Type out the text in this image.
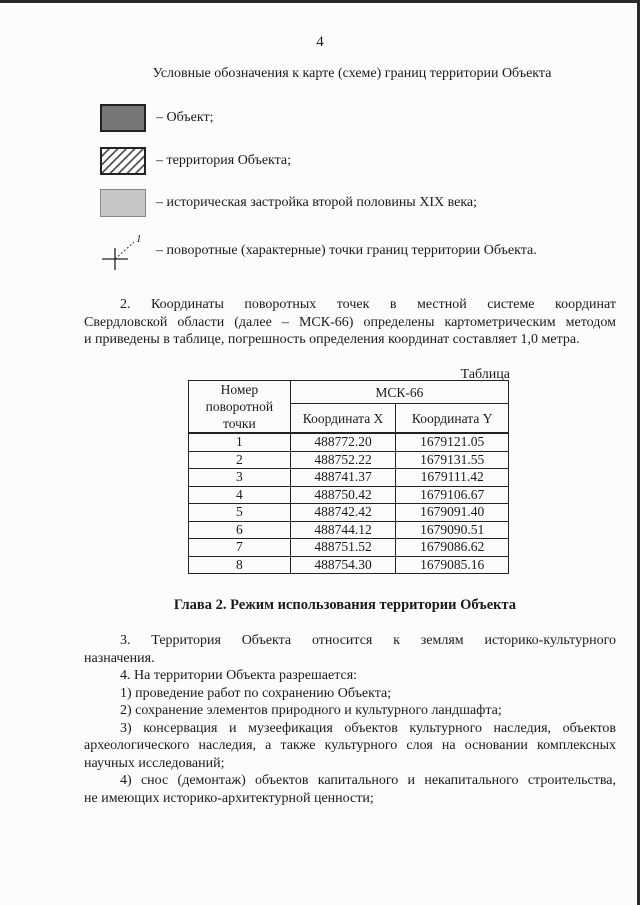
4
Условные обозначения к карте (схеме) границ территории Объекта
– Объект;
– территория Объекта;
– историческая застройка второй половины XIX века;
1
– поворотные (характерные) точки границ территории Объекта.
2. Координаты поворотных точек в местной системе координат
Свердловской области (далее – МСК-66) определены картометрическим методом
и приведены в таблице, погрешность определения координат составляет 1,0 метра.
Таблица
Номер
поворотной
точки	МСК-66	
	Координата X	Координата Y
1	488772.20	1679121.05
2	488752.22	1679131.55
3	488741.37	1679111.42
4	488750.42	1679106.67
5	488742.42	1679091.40
6	488744.12	1679090.51
7	488751.52	1679086.62
8	488754.30	1679085.16
Глава 2. Режим использования территории Объекта
3. Территория Объекта относится к землям историко-культурного
назначения.
4. На территории Объекта разрешается:
1) проведение работ по сохранению Объекта;
2) сохранение элементов природного и культурного ландшафта;
3) консервация и музеефикация объектов культурного наследия, объектов
археологического наследия, а также культурного слоя на основании комплексных
научных исследований;
4) снос (демонтаж) объектов капитального и некапитального строительства,
не имеющих историко-архитектурной ценности;
